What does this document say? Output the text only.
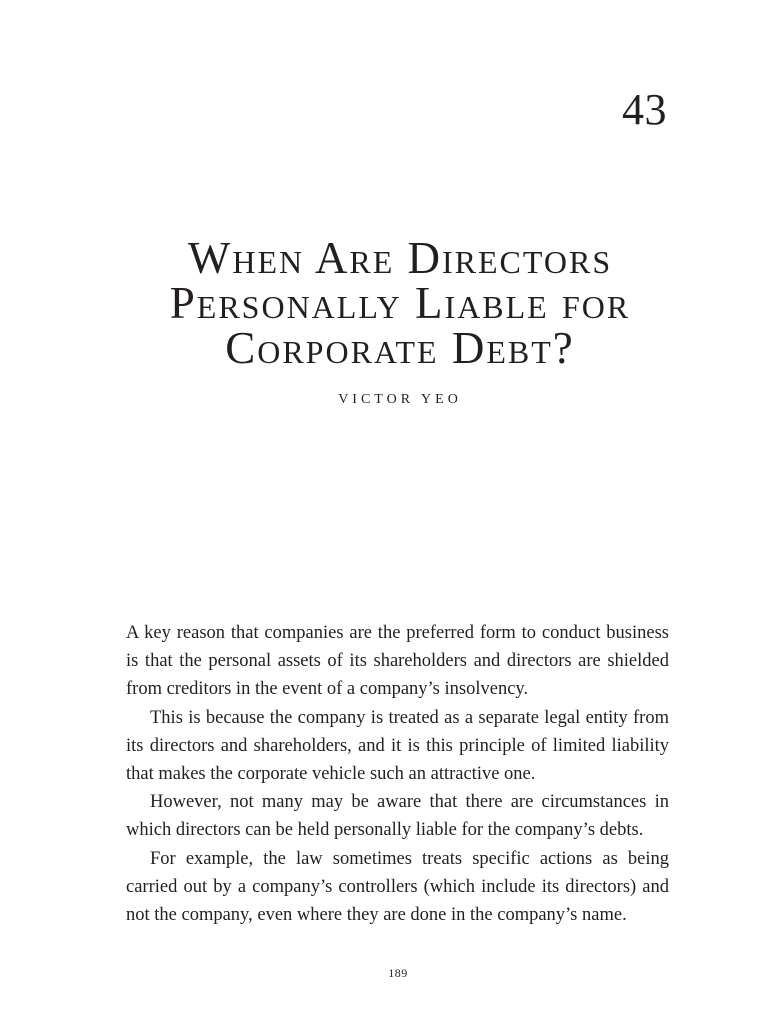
43
When Are Directors
Personally Liable for
Corporate Debt?
VICTOR YEO

A key reason that companies are the preferred form to conduct business is that the personal assets of its shareholders and directors are shielded from creditors in the event of a company’s insolvency.

This is because the company is treated as a separate legal entity from its directors and shareholders, and it is this principle of limited liability that makes the corporate vehicle such an attractive one.

However, not many may be aware that there are circumstances in which directors can be held personally liable for the company’s debts.

For example, the law sometimes treats specific actions as being carried out by a company’s controllers (which include its directors) and not the company, even where they are done in the company’s name.

189
